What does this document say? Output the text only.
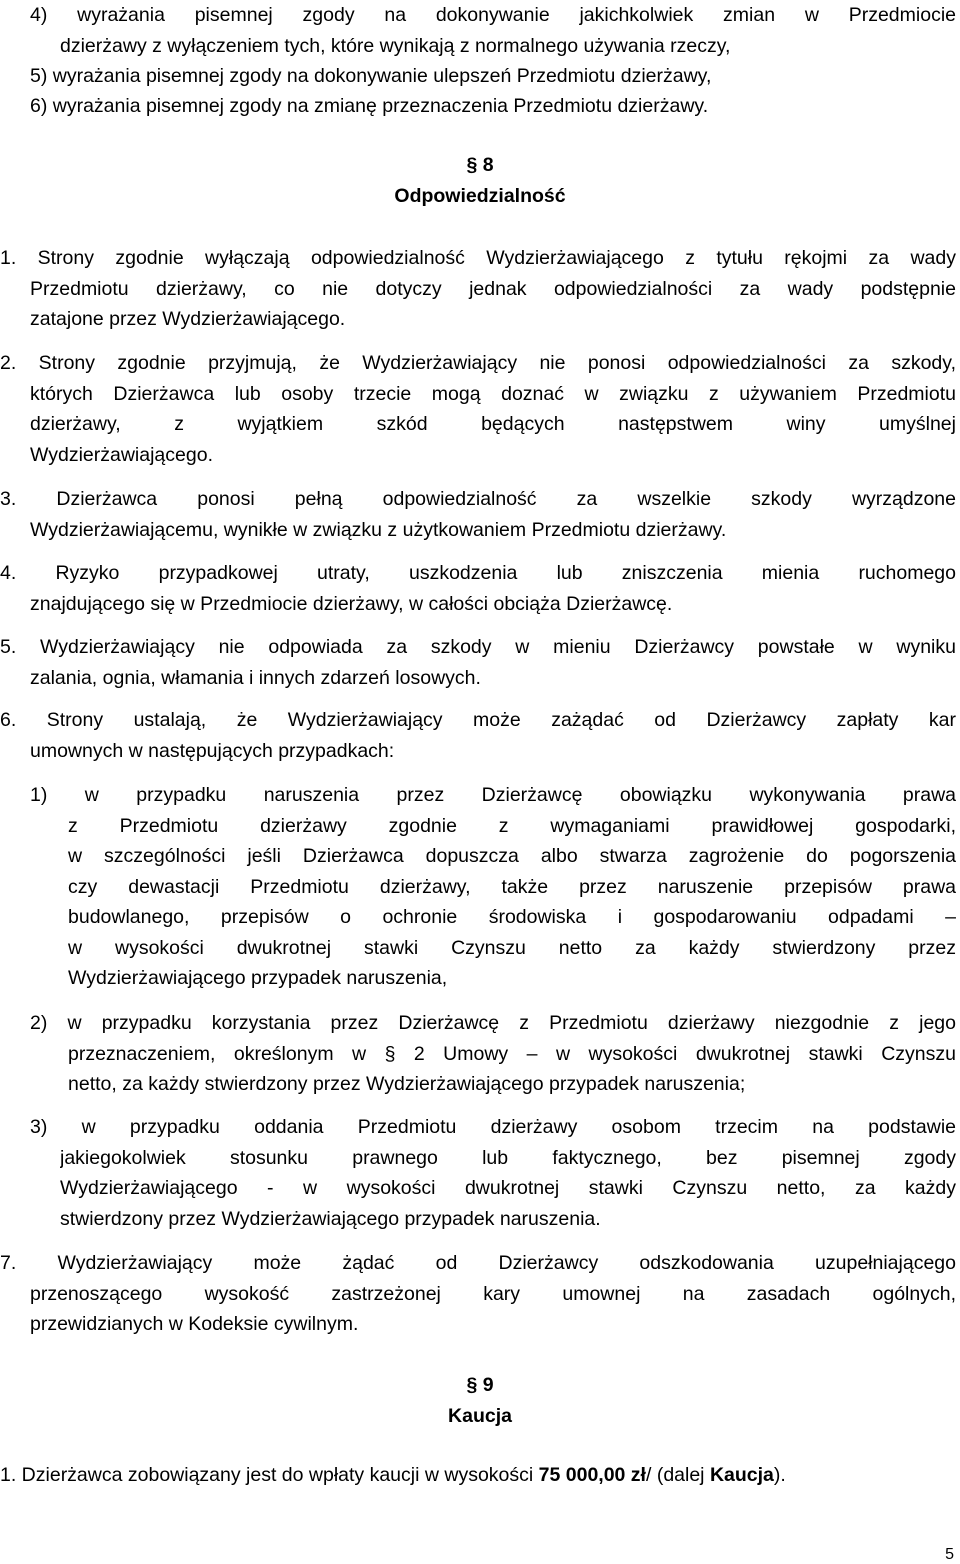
4) wyrażania pisemnej zgody na dokonywanie jakichkolwiek zmian w Przedmiocie
dzierżawy z wyłączeniem tych, które wynikają z normalnego używania rzeczy,
5) wyrażania pisemnej zgody na dokonywanie ulepszeń Przedmiotu dzierżawy,
6) wyrażania pisemnej zgody na zmianę przeznaczenia Przedmiotu dzierżawy.
§ 8
Odpowiedzialność
1. Strony zgodnie wyłączają odpowiedzialność Wydzierżawiającego z tytułu rękojmi za wady
Przedmiotu dzierżawy, co nie dotyczy jednak odpowiedzialności za wady podstępnie
zatajone przez Wydzierżawiającego.
2. Strony zgodnie przyjmują, że Wydzierżawiający nie ponosi odpowiedzialności za szkody,
których Dzierżawca lub osoby trzecie mogą doznać w związku z używaniem Przedmiotu
dzierżawy, z wyjątkiem szkód będących następstwem winy umyślnej
Wydzierżawiającego.
3. Dzierżawca ponosi pełną odpowiedzialność za wszelkie szkody wyrządzone
Wydzierżawiającemu, wynikłe w związku z użytkowaniem Przedmiotu dzierżawy.
4. Ryzyko przypadkowej utraty, uszkodzenia lub zniszczenia mienia ruchomego
znajdującego się w Przedmiocie dzierżawy, w całości obciąża Dzierżawcę.
5. Wydzierżawiający nie odpowiada za szkody w mieniu Dzierżawcy powstałe w wyniku
zalania, ognia, włamania i innych zdarzeń losowych.
6. Strony ustalają, że Wydzierżawiający może zażądać od Dzierżawcy zapłaty kar
umownych w następujących przypadkach:
1) w przypadku naruszenia przez Dzierżawcę obowiązku wykonywania prawa
z Przedmiotu dzierżawy zgodnie z wymaganiami prawidłowej gospodarki,
w szczególności jeśli Dzierżawca dopuszcza albo stwarza zagrożenie do pogorszenia
czy dewastacji Przedmiotu dzierżawy, także przez naruszenie przepisów prawa
budowlanego, przepisów o ochronie środowiska i gospodarowaniu odpadami –
w wysokości dwukrotnej stawki Czynszu netto za każdy stwierdzony przez
Wydzierżawiającego przypadek naruszenia,
2) w przypadku korzystania przez Dzierżawcę z Przedmiotu dzierżawy niezgodnie z jego
przeznaczeniem, określonym w § 2 Umowy – w wysokości dwukrotnej stawki Czynszu
netto, za każdy stwierdzony przez Wydzierżawiającego przypadek naruszenia;
3) w przypadku oddania Przedmiotu dzierżawy osobom trzecim na podstawie
jakiegokolwiek stosunku prawnego lub faktycznego, bez pisemnej zgody
Wydzierżawiającego - w wysokości dwukrotnej stawki Czynszu netto, za każdy
stwierdzony przez Wydzierżawiającego przypadek naruszenia.
7. Wydzierżawiający może żądać od Dzierżawcy odszkodowania uzupełniającego
przenoszącego wysokość zastrzeżonej kary umownej na zasadach ogólnych,
przewidzianych w Kodeksie cywilnym.
§ 9
Kaucja
1. Dzierżawca zobowiązany jest do wpłaty kaucji w wysokości 75 000,00 zł/ (dalej Kaucja).
5
